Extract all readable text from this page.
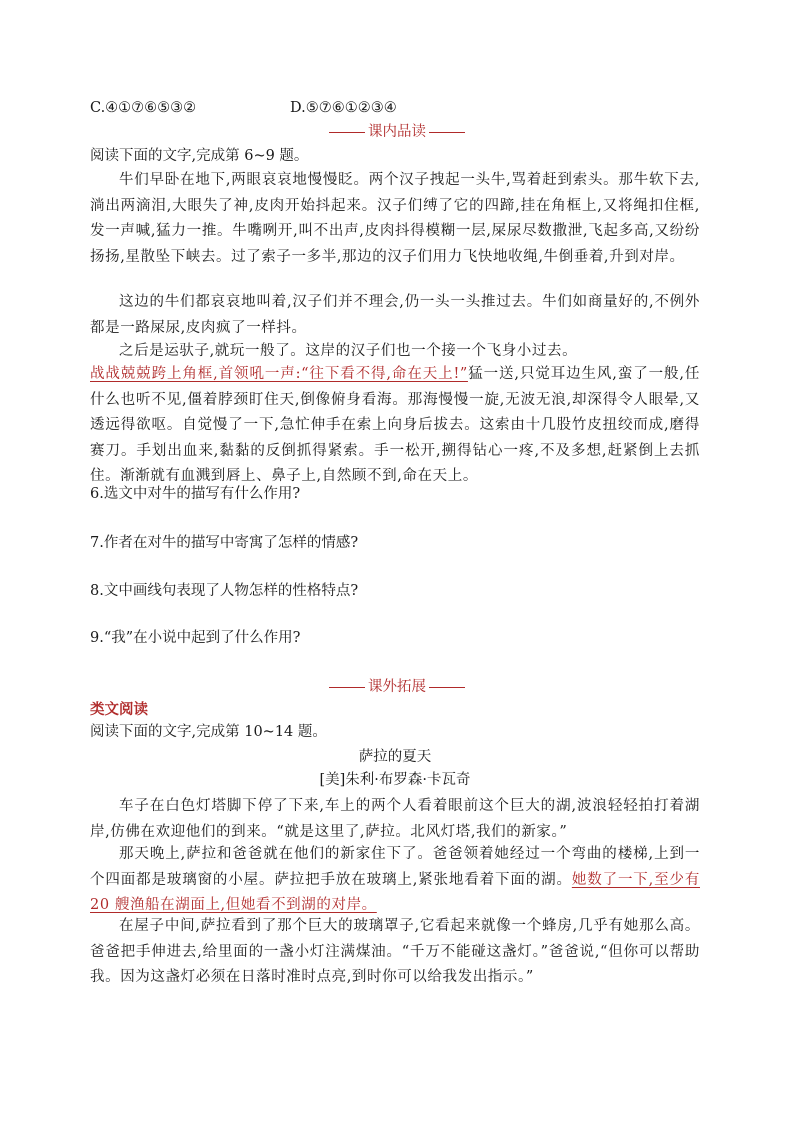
C.④①⑦⑥⑤③②	D.⑤⑦⑥①②③④
课内品读
阅读下面的文字,完成第 6~9 题。
牛们早卧在地下,两眼哀哀地慢慢眨。两个汉子拽起一头牛,骂着赶到索头。那牛软下去,淌出两滴泪,大眼失了神,皮肉开始抖起来。汉子们缚了它的四蹄,挂在角框上,又将绳扣住框,发一声喊,猛力一推。牛嘴咧开,叫不出声,皮肉抖得模糊一层,屎尿尽数撒泄,飞起多高,又纷纷扬扬,星散坠下峡去。过了索子一多半,那边的汉子们用力飞快地收绳,牛倒垂着,升到对岸。
这边的牛们都哀哀地叫着,汉子们并不理会,仍一头一头推过去。牛们如商量好的,不例外都是一路屎尿,皮肉疯了一样抖。
之后是运驮子,就玩一般了。这岸的汉子们也一个接一个飞身小过去。
战战兢兢跨上角框,首领吼一声:“往下看不得,命在天上!”猛一送,只觉耳边生风,蛮了一般,任什么也听不见,僵着脖颈盯住天,倒像俯身看海。那海慢慢一旋,无波无浪,却深得令人眼晕,又透远得欲呕。自觉慢了一下,急忙伸手在索上向身后拔去。这索由十几股竹皮扭绞而成,磨得赛刀。手划出血来,黏黏的反倒抓得紧索。手一松开,搠得钻心一疼,不及多想,赶紧倒上去抓住。渐渐就有血溅到唇上、鼻子上,自然顾不到,命在天上。
6.选文中对牛的描写有什么作用?
7.作者在对牛的描写中寄寓了怎样的情感?
8.文中画线句表现了人物怎样的性格特点?
9.“我”在小说中起到了什么作用?
课外拓展
类文阅读
阅读下面的文字,完成第 10~14 题。
萨拉的夏天
[美]朱利·布罗森·卡瓦奇
车子在白色灯塔脚下停了下来,车上的两个人看着眼前这个巨大的湖,波浪轻轻拍打着湖岸,仿佛在欢迎他们的到来。“就是这里了,萨拉。北风灯塔,我们的新家。”
那天晚上,萨拉和爸爸就在他们的新家住下了。爸爸领着她经过一个弯曲的楼梯,上到一个四面都是玻璃窗的小屋。萨拉把手放在玻璃上,紧张地看着下面的湖。她数了一下,至少有 20 艘渔船在湖面上,但她看不到湖的对岸。
在屋子中间,萨拉看到了那个巨大的玻璃罩子,它看起来就像一个蜂房,几乎有她那么高。爸爸把手伸进去,给里面的一盏小灯注满煤油。“千万不能碰这盏灯。”爸爸说,“但你可以帮助我。因为这盏灯必须在日落时准时点亮,到时你可以给我发出指示。”
